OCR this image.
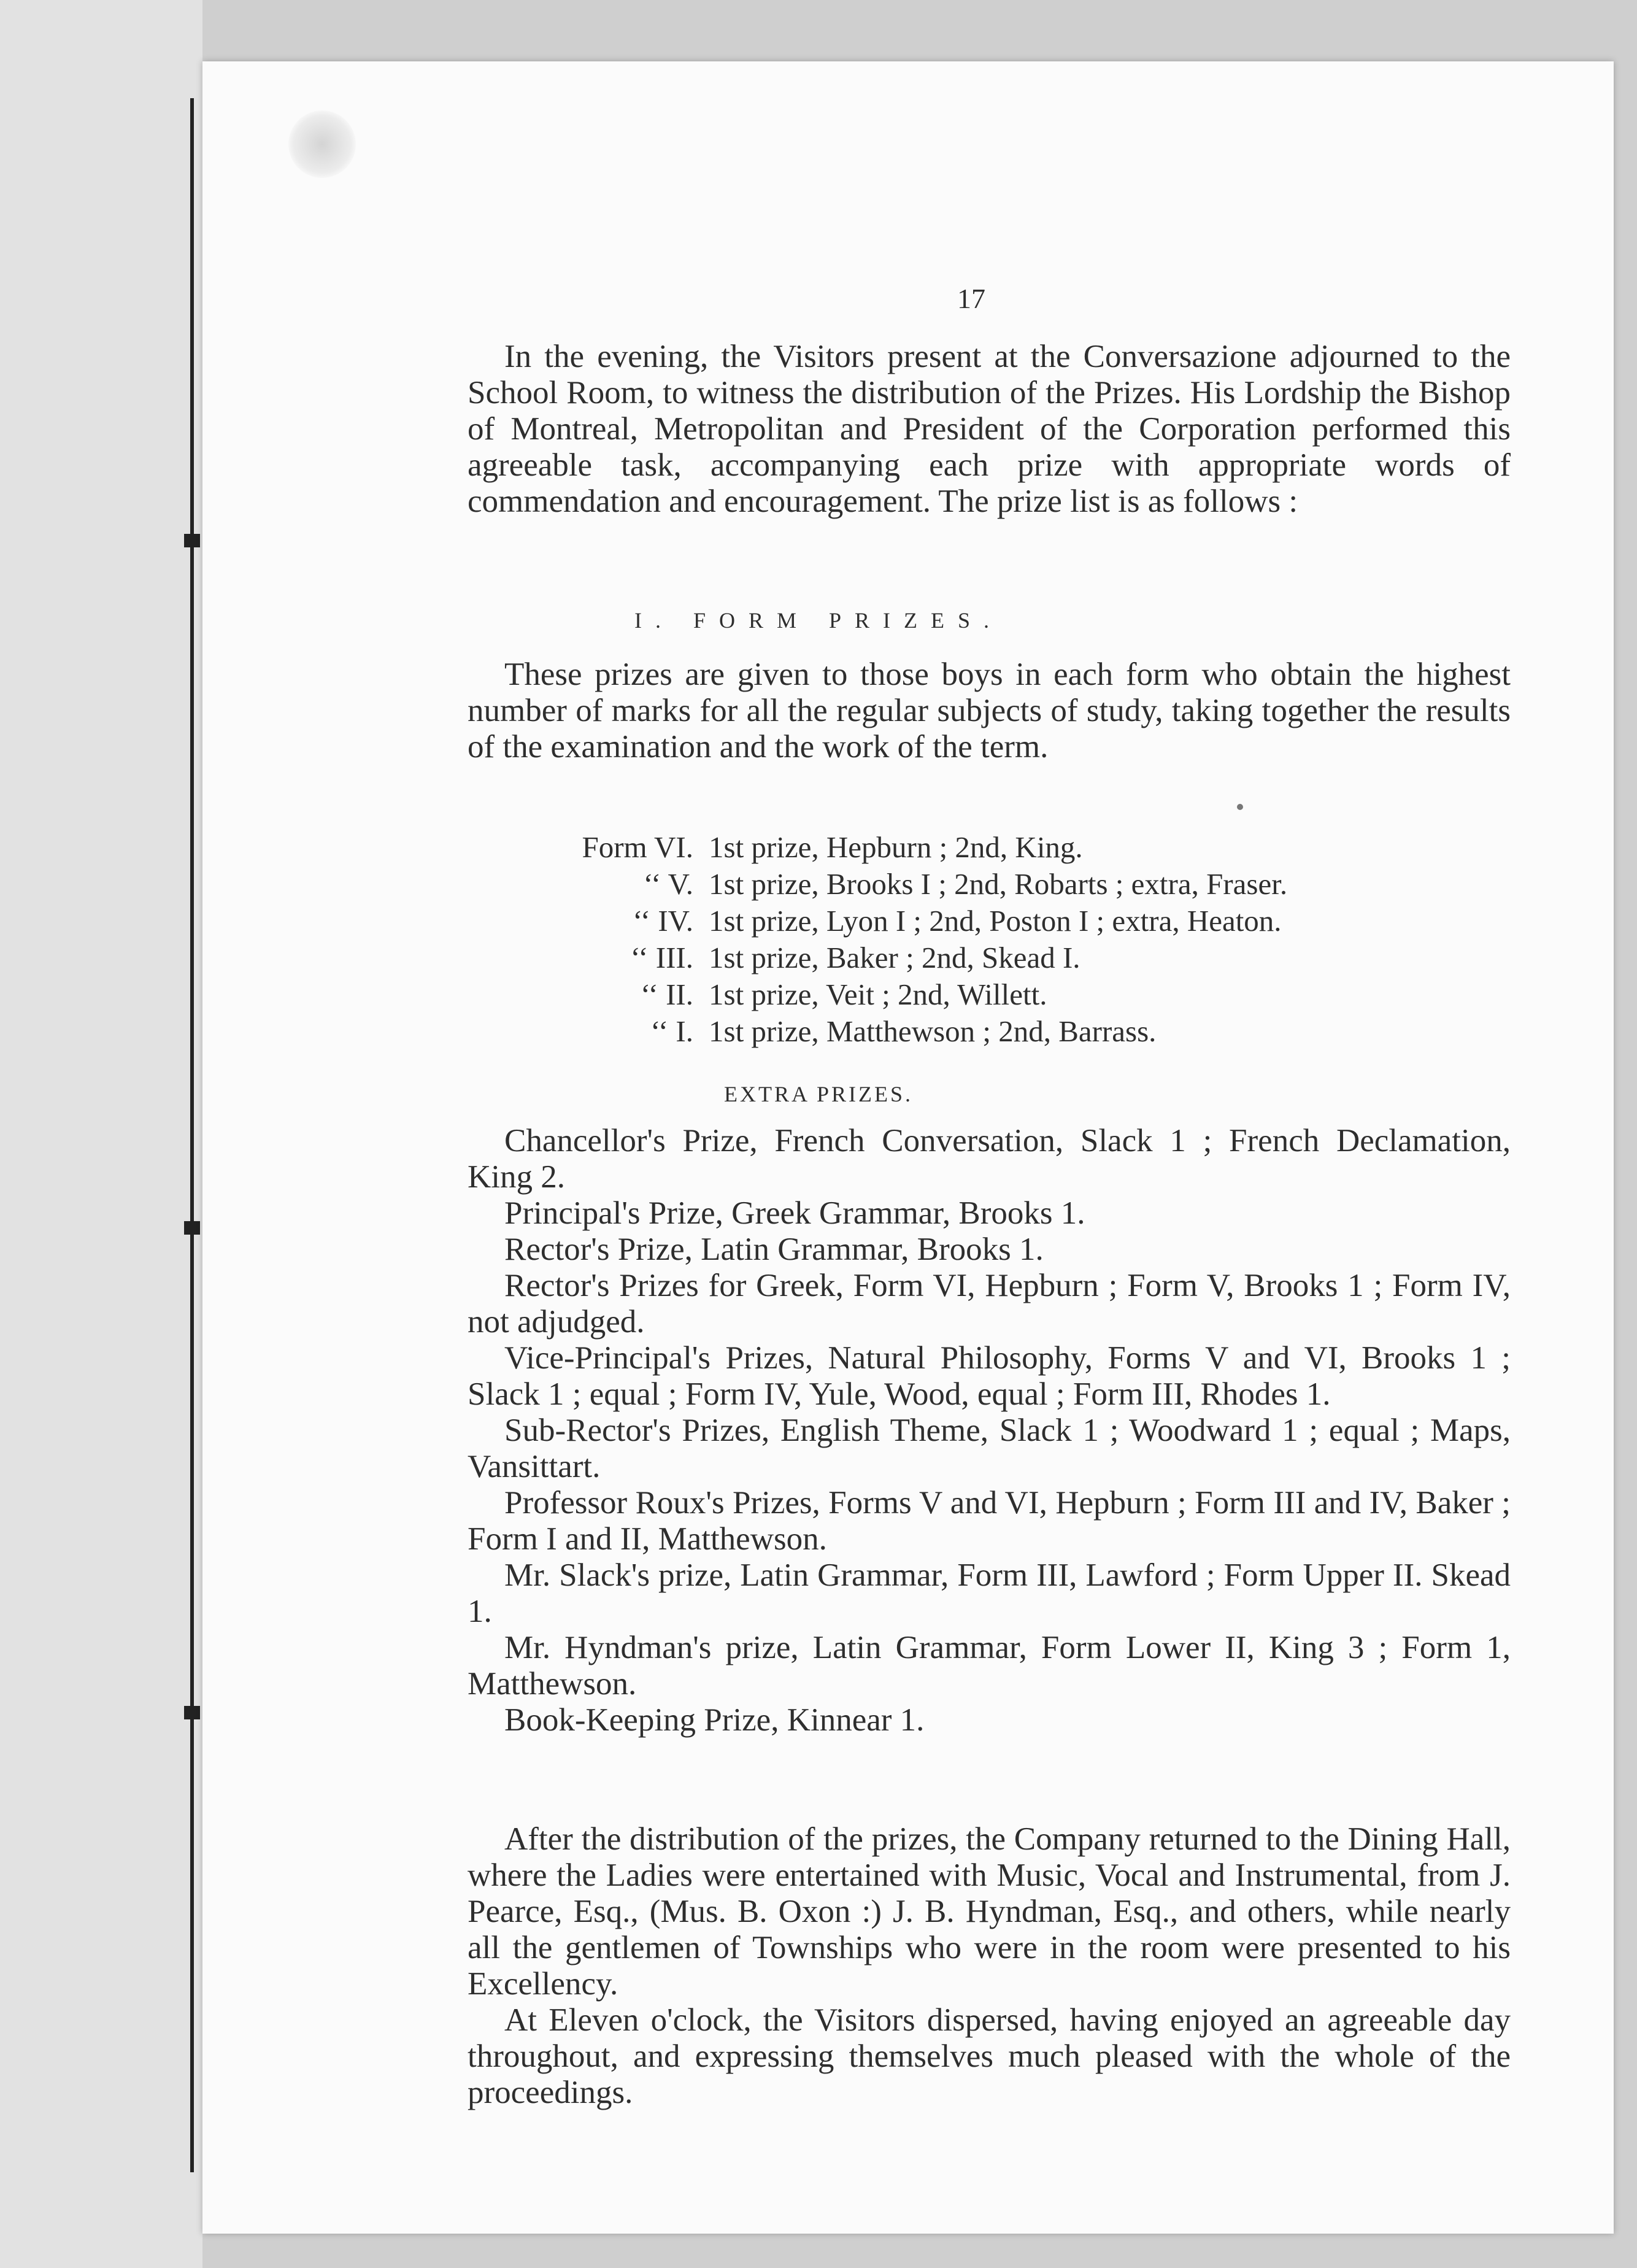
17

In the evening, the Visitors present at the Conversazione adjourned to the School Room, to witness the distribution of the Prizes. His Lordship the Bishop of Montreal, Metropolitan and President of the Corporation performed this agreeable task, accompanying each prize with appropriate words of commendation and encouragement. The prize list is as follows :

I. FORM PRIZES.

These prizes are given to those boys in each form who obtain the highest number of marks for all the regular subjects of study, taking together the results of the examination and the work of the term.

Form VI. 1st prize, Hepburn ; 2nd, King.
‘‘ V. 1st prize, Brooks I ; 2nd, Robarts ; extra, Fraser.
‘‘ IV. 1st prize, Lyon I ; 2nd, Poston I ; extra, Heaton.
‘‘ III. 1st prize, Baker ; 2nd, Skead I.
‘‘ II. 1st prize, Veit ; 2nd, Willett.
‘‘ I. 1st prize, Matthewson ; 2nd, Barrass.
EXTRA PRIZES.

Chancellor's Prize, French Conversation, Slack 1 ; French Declamation, King 2.

Principal's Prize, Greek Grammar, Brooks 1.

Rector's Prize, Latin Grammar, Brooks 1.

Rector's Prizes for Greek, Form VI, Hepburn ; Form V, Brooks 1 ; Form IV, not adjudged.

Vice-Principal's Prizes, Natural Philosophy, Forms V and VI, Brooks 1 ; Slack 1 ; equal ; Form IV, Yule, Wood, equal ; Form III, Rhodes 1.

Sub-Rector's Prizes, English Theme, Slack 1 ; Woodward 1 ; equal ; Maps, Vansittart.

Professor Roux's Prizes, Forms V and VI, Hepburn ; Form III and IV, Baker ; Form I and II, Matthewson.

Mr. Slack's prize, Latin Grammar, Form III, Lawford ; Form Upper II. Skead 1.

Mr. Hyndman's prize, Latin Grammar, Form Lower II, King 3 ; Form 1, Matthewson.

Book-Keeping Prize, Kinnear 1.

After the distribution of the prizes, the Company returned to the Dining Hall, where the Ladies were entertained with Music, Vocal and Instrumental, from J. Pearce, Esq., (Mus. B. Oxon :) J. B. Hyndman, Esq., and others, while nearly all the gentlemen of Townships who were in the room were presented to his Excellency.

At Eleven o'clock, the Visitors dispersed, having enjoyed an agreeable day throughout, and expressing themselves much pleased with the whole of the proceedings.
